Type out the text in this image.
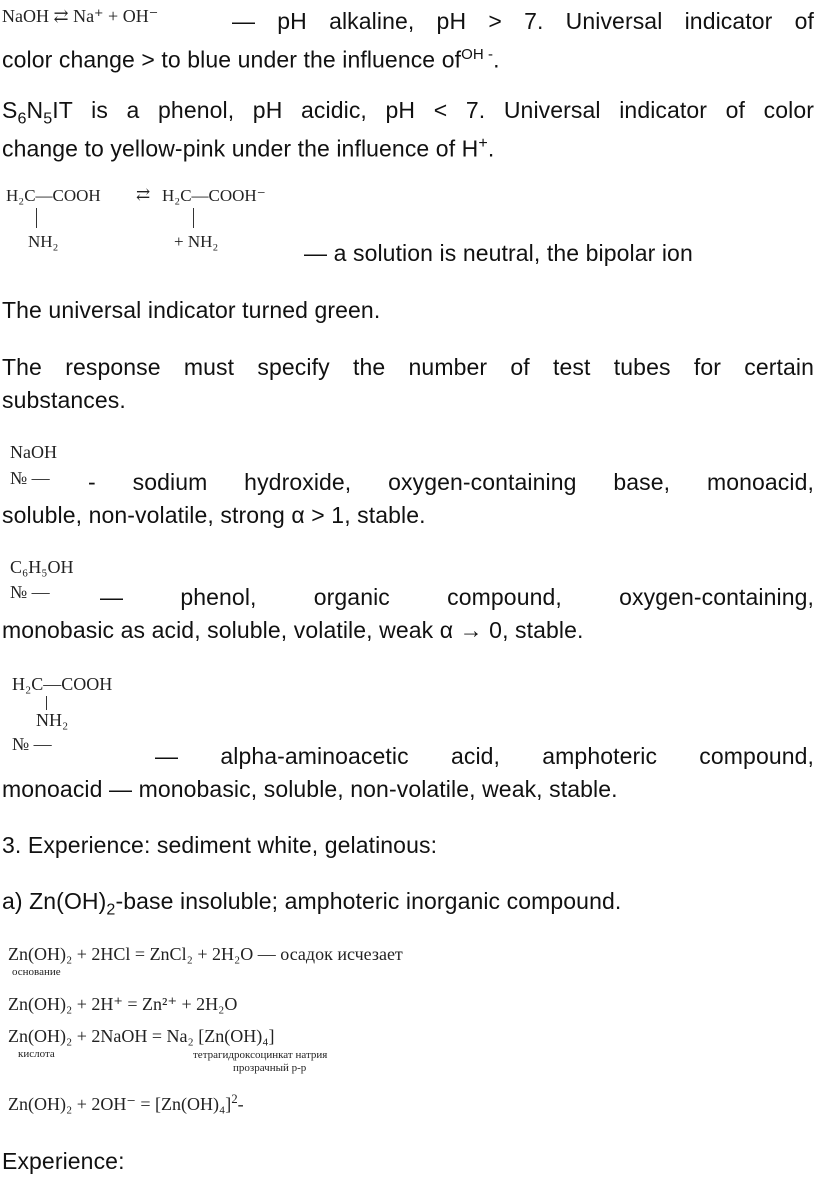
NaOH ⇄ Na⁺ + OH⁻	— pH alkaline, pH > 7. Universal indicator of
color change > to blue under the influence $of^{OH -}$.
$S_6N_5IT$ is a phenol, pH acidic, pH < 7. Universal indicator of color
change to yellow-pink under the influence of H+.
H₂C—COOH ⇄ H₂C—COOH⁻
NH₂	+ NH₂	— a solution is neutral, the bipolar ion
The universal indicator turned green.
The response must specify the number of test tubes for certain
substances.
NaOH
№ — - sodium hydroxide, oxygen-containing base, monoacid,
soluble, non-volatile, strong α > 1, stable.
C₆H₅OH
№ — — phenol, organic compound, oxygen-containing,
monobasic as acid, soluble, volatile, weak α → 0, stable.
H₂C—COOH
NH₂
№ —	— alpha-aminoacetic acid, amphoteric compound,
monoacid — monobasic, soluble, non-volatile, weak, stable.
3. Experience: sediment white, gelatinous:
a) $Zn(OH)_2$-base insoluble; amphoteric inorganic compound.
Zn(OH)₂ + 2HCl = ZnCl₂ + 2H₂O — осадок исчезает
основание
Zn(OH)₂ + 2H⁺ = Zn²⁺ + 2H₂O
Zn(OH)₂ + 2NaOH = Na₂ [Zn(OH)₄]
кислота	тетрагидроксоцинкат натрия
прозрачный р-р
$Zn(OH)_2 + 2OH^- = [Zn(OH)_4]^2-$
Experience:
